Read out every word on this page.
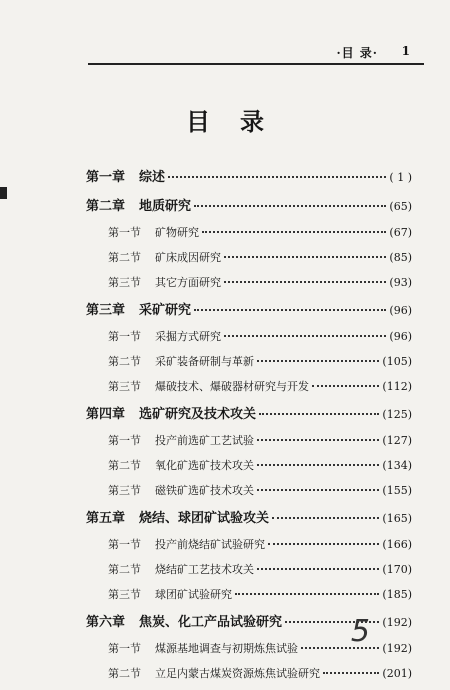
·目 录· 1
目录
第一章 综述	( 1 )
第二章 地质研究	(65)
第一节 矿物研究	(67)
第二节 矿床成因研究	(85)
第三节 其它方面研究	(93)
第三章 采矿研究	(96)
第一节 采掘方式研究	(96)
第二节 采矿装备研制与革新	(105)
第三节 爆破技术、爆破器材研究与开发	(112)
第四章 选矿研究及技术攻关	(125)
第一节 投产前选矿工艺试验	(127)
第二节 氧化矿选矿技术攻关	(134)
第三节 磁铁矿选矿技术攻关	(155)
第五章 烧结、球团矿试验攻关	(165)
第一节 投产前烧结矿试验研究	(166)
第二节 烧结矿工艺技术攻关	(170)
第三节 球团矿试验研究	(185)
第六章 焦炭、化工产品试验研究	(192)
第一节 煤源基地调查与初期炼焦试验	(192)
第二节 立足内蒙古煤炭资源炼焦试验研究	(201)
5
